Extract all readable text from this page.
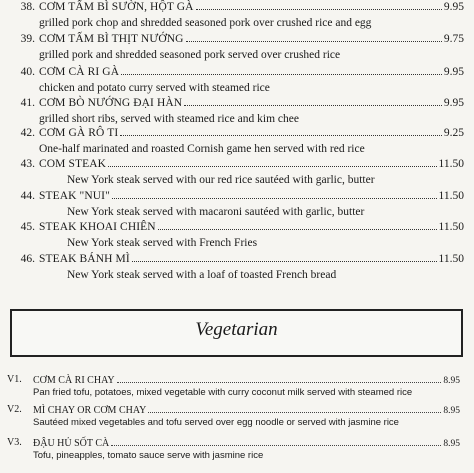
38. CƠM TẤM BÌ SƯỜN, HỘT GÀ	9.95
grilled pork chop and shredded seasoned pork over crushed rice and egg
39. CƠM TẤM BÌ THỊT NƯỚNG	9.75
grilled pork and shredded seasoned pork served over crushed rice
40. CƠM CÀ RI GÀ	9.95
chicken and potato curry served with steamed rice
41. CƠM BÒ NƯỚNG ĐẠI HÀN	9.95
grilled short ribs, served with steamed rice and kim chee
42. CƠM GÀ RÔ TI	9.25
One-half marinated and roasted Cornish game hen served with red rice
43. COM STEAK	11.50
New York steak served with our red rice sautéed with garlic, butter
44. STEAK "NUI"	11.50
New York steak served with macaroni sautéed with garlic, butter
45. STEAK KHOAI CHIÊN	11.50
New York steak served with French Fries
46. STEAK BÁNH MÌ	11.50
New York steak served with a loaf of toasted French bread
Vegetarian
V1.	CƠM CÀ RI CHAY	8.95
Pan fried tofu, potatoes, mixed vegetable with curry coconut milk served with steamed rice
V2.	MÌ CHAY OR CƠM CHAY	8.95
Sautéed mixed vegetables and tofu served over egg noodle or served with jasmine rice
V3.	ĐẬU HỦ SỐT CÀ	8.95
Tofu, pineapples, tomato sauce serve with jasmine rice
